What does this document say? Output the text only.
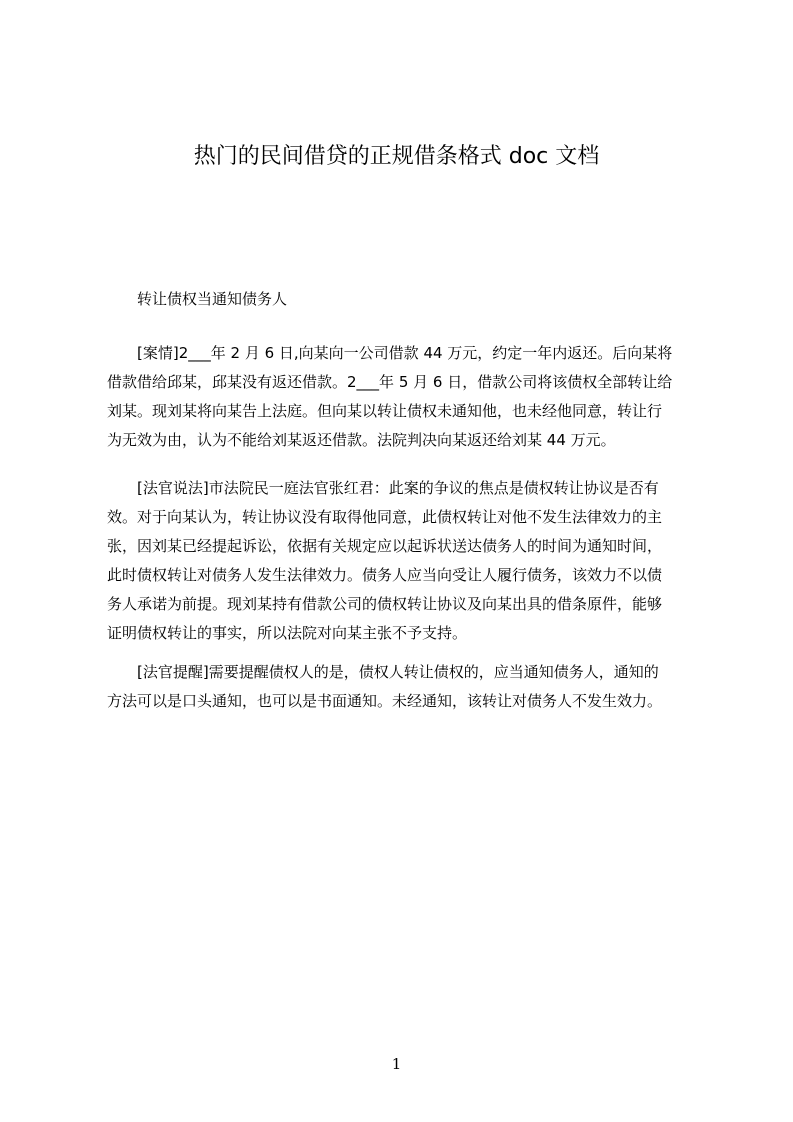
热门的民间借贷的正规借条格式 doc 文档

转让债权当通知债务人

[案情]2___年 2 月 6 日,向某向一公司借款 44 万元，约定一年内返还。后向某将
借款借给邱某，邱某没有返还借款。2___年 5 月 6 日，借款公司将该债权全部转让给
刘某。现刘某将向某告上法庭。但向某以转让债权未通知他，也未经他同意，转让行
为无效为由，认为不能给刘某返还借款。法院判决向某返还给刘某 44 万元。
[法官说法]市法院民一庭法官张红君：此案的争议的焦点是债权转让协议是否有
效。对于向某认为，转让协议没有取得他同意，此债权转让对他不发生法律效力的主
张，因刘某已经提起诉讼，依据有关规定应以起诉状送达债务人的时间为通知时间，
此时债权转让对债务人发生法律效力。债务人应当向受让人履行债务，该效力不以债
务人承诺为前提。现刘某持有借款公司的债权转让协议及向某出具的借条原件，能够
证明债权转让的事实，所以法院对向某主张不予支持。
[法官提醒]需要提醒债权人的是，债权人转让债权的，应当通知债务人，通知的
方法可以是口头通知，也可以是书面通知。未经通知，该转让对债务人不发生效力。
1
